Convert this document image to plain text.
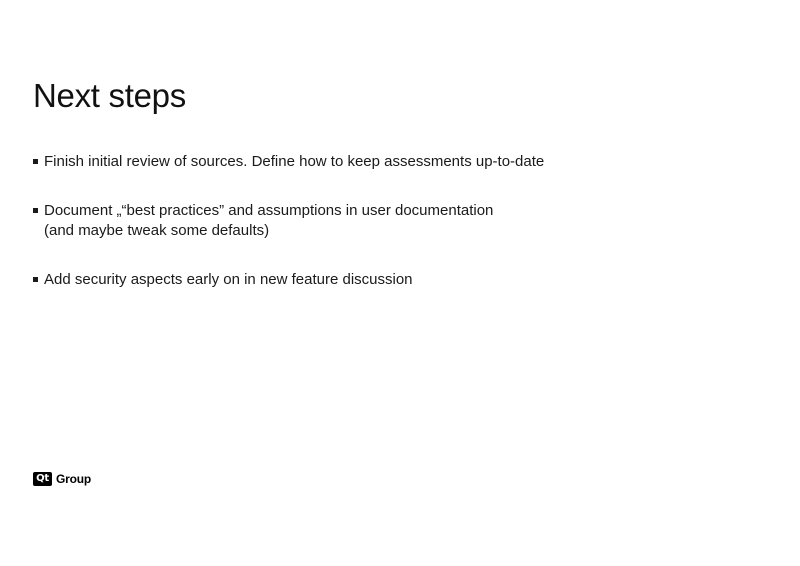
Next steps
Finish initial review of sources. Define how to keep assessments up-to-date
Document „“best practices” and assumptions in user documentation
(and maybe tweak some defaults)
Add security aspects early on in new feature discussion
Qt Group
